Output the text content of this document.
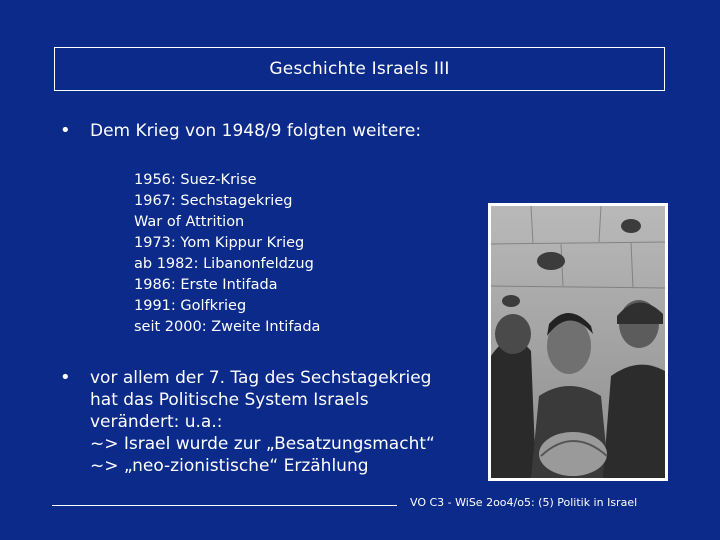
Geschichte Israels III
•	Dem Krieg von 1948/9 folgten weitere:
1956: Suez-Krise
1967: Sechstagekrieg
War of Attrition
1973: Yom Kippur Krieg
ab 1982: Libanonfeldzug
1986: Erste Intifada
1991: Golfkrieg
seit 2000: Zweite Intifada
•	vor allem der 7. Tag des Sechstagekrieg
hat das Politische System Israels
verändert: u.a.:
~> Israel wurde zur „Besatzungsmacht“
~> „neo-zionistische“ Erzählung
VO C3 - WiSe 2oo4/o5: (5) Politik in Israel
